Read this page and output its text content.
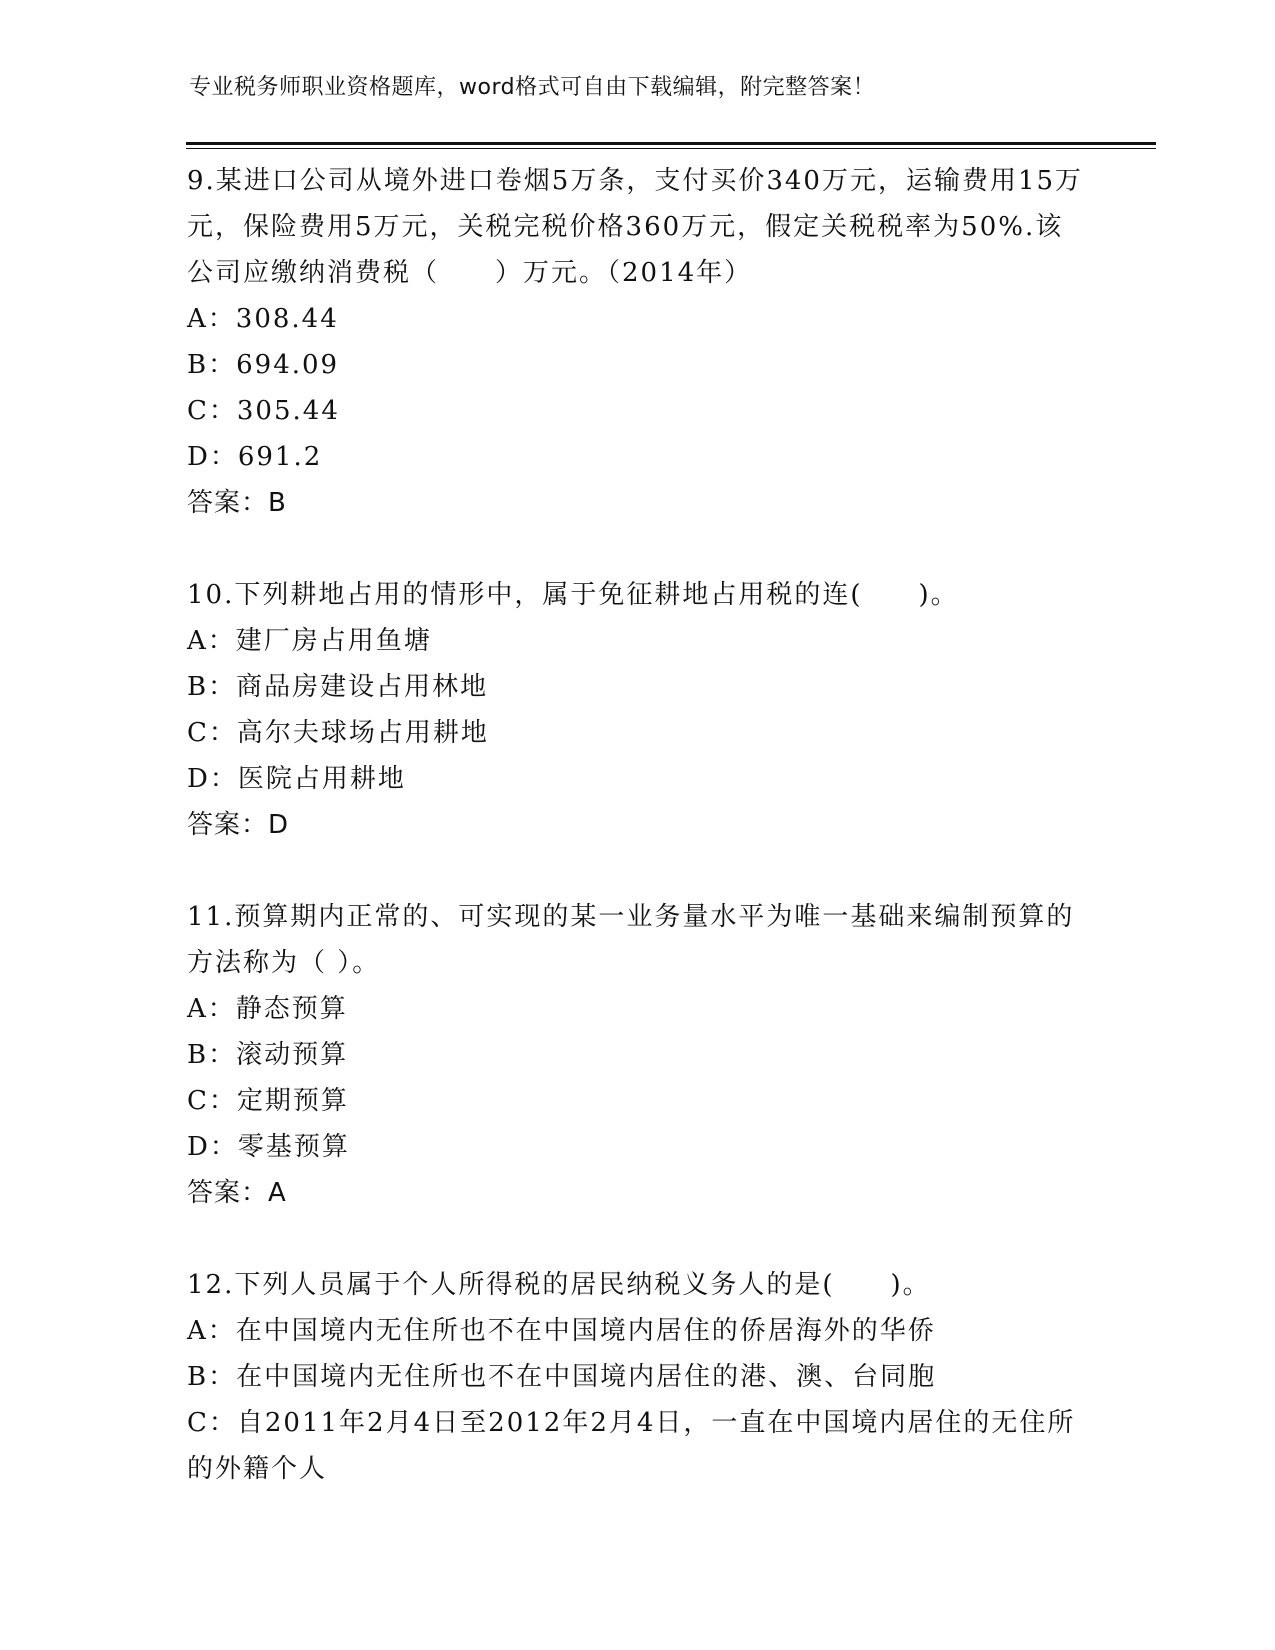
专业税务师职业资格题库，word格式可自由下载编辑，附完整答案！
9.某进口公司从境外进口卷烟5万条，支付买价340万元，运输费用15万元，保险费用5万元，关税完税价格360万元，假定关税税率为50%.该公司应缴纳消费税（　　）万元。（2014年）
A：308.44
B：694.09
C：305.44
D：691.2
答案：B
10.下列耕地占用的情形中，属于免征耕地占用税的连(　　)。
A：建厂房占用鱼塘
B：商品房建设占用林地
C：高尔夫球场占用耕地
D：医院占用耕地
答案：D
11.预算期内正常的、可实现的某一业务量水平为唯一基础来编制预算的方法称为（ ）。
A：静态预算
B：滚动预算
C：定期预算
D：零基预算
答案：A
12.下列人员属于个人所得税的居民纳税义务人的是(　　)。
A：在中国境内无住所也不在中国境内居住的侨居海外的华侨
B：在中国境内无住所也不在中国境内居住的港、澳、台同胞
C：自2011年2月4日至2012年2月4日，一直在中国境内居住的无住所的外籍个人
